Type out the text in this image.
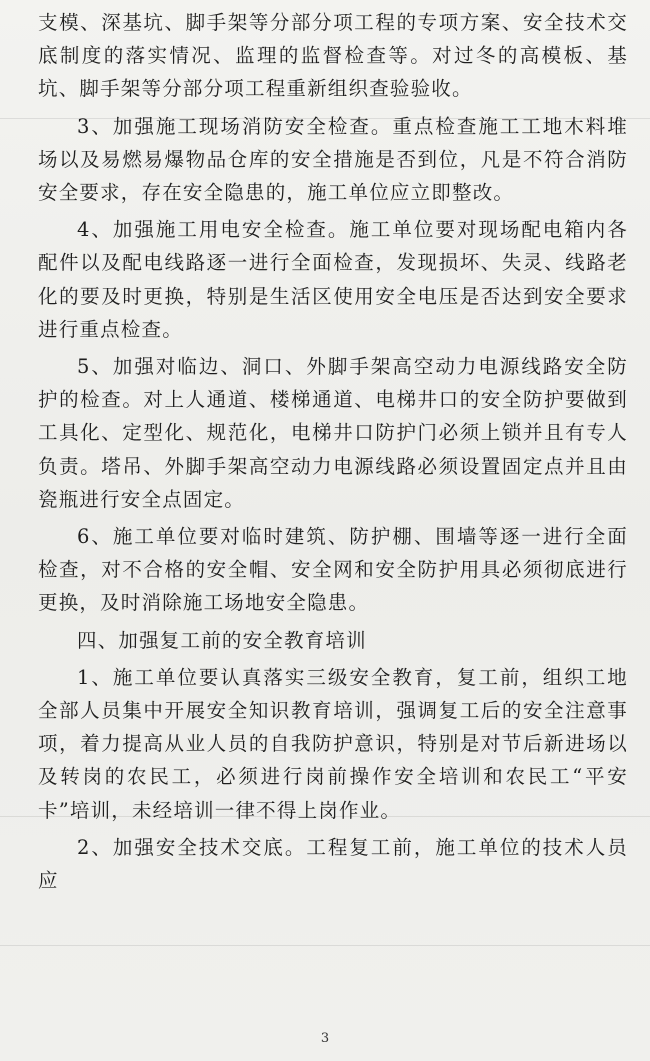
支模、深基坑、脚手架等分部分项工程的专项方案、安全技术交底制度的落实情况、监理的监督检查等。对过冬的高模板、基坑、脚手架等分部分项工程重新组织查验验收。

3、加强施工现场消防安全检查。重点检查施工工地木料堆场以及易燃易爆物品仓库的安全措施是否到位，凡是不符合消防安全要求，存在安全隐患的，施工单位应立即整改。

4、加强施工用电安全检查。施工单位要对现场配电箱内各配件以及配电线路逐一进行全面检查，发现损坏、失灵、线路老化的要及时更换，特别是生活区使用安全电压是否达到安全要求进行重点检查。

5、加强对临边、洞口、外脚手架高空动力电源线路安全防护的检查。对上人通道、楼梯通道、电梯井口的安全防护要做到工具化、定型化、规范化，电梯井口防护门必须上锁并且有专人负责。塔吊、外脚手架高空动力电源线路必须设置固定点并且由瓷瓶进行安全点固定。

6、施工单位要对临时建筑、防护棚、围墙等逐一进行全面检查，对不合格的安全帽、安全网和安全防护用具必须彻底进行更换，及时消除施工场地安全隐患。

四、加强复工前的安全教育培训

1、施工单位要认真落实三级安全教育，复工前，组织工地全部人员集中开展安全知识教育培训，强调复工后的安全注意事项，着力提高从业人员的自我防护意识，特别是对节后新进场以及转岗的农民工，必须进行岗前操作安全培训和农民工“平安卡”培训，未经培训一律不得上岗作业。

2、加强安全技术交底。工程复工前，施工单位的技术人员应

3
